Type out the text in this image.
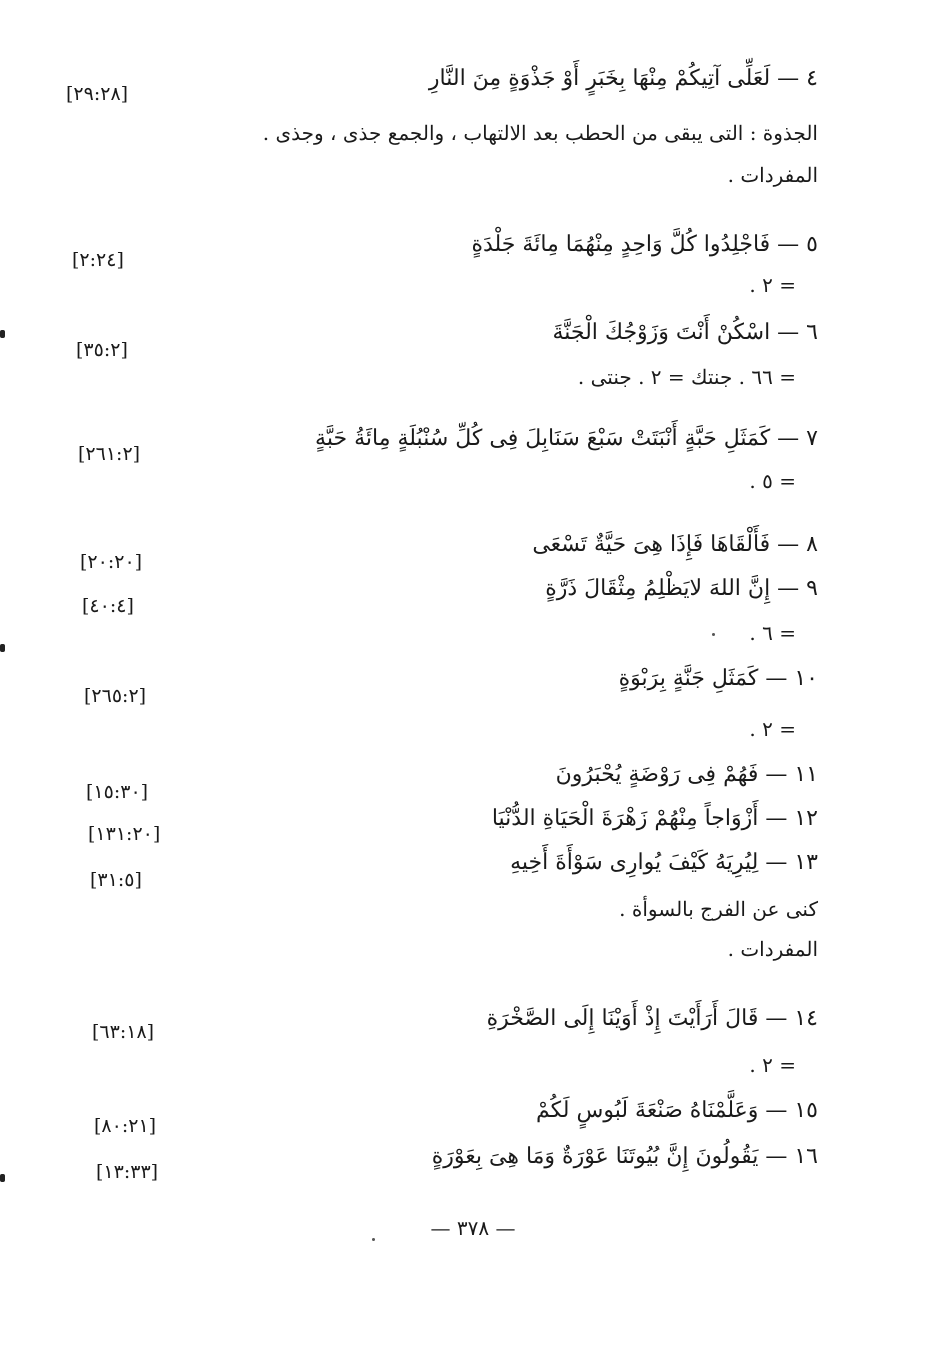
٤ — لَعَلِّى آتِيكُمْ مِنْهَا بِخَبَرٍ أَوْ جَذْوَةٍ مِنَ النَّارِ
[٢٩:٢٨]
الجذوة : التى يبقى من الحطب بعد الالتهاب ، والجمع جذى ، وجذى .
المفردات .
٥ — فَاجْلِدُوا كُلَّ وَاحِدٍ مِنْهُمَا مِائَةَ جَلْدَةٍ
[٢:٢٤]
= ٢ .
٦ — اسْكُنْ أَنْتَ وَزَوْجُكَ الْجَنَّةَ
[٣٥:٢]
= ٦٦ . جنتك = ٢ . جنتى .
٧ — كَمَثَلِ حَبَّةٍ أَنْبَتَتْ سَبْعَ سَنَابِلَ فِى كُلِّ سُنْبُلَةٍ مِائَةُ حَبَّةٍ
[٢٦١:٢]
= ٥ .
٨ — فَأَلْقَاهَا فَإِذَا هِىَ حَيَّةٌ تَسْعَى
[٢٠:٢٠]
٩ — إِنَّ اللهَ لايَظْلِمُ مِثْقَالَ ذَرَّةٍ
[٤٠:٤]
= ٦ .
١٠ — كَمَثَلِ جَنَّةٍ بِرَبْوَةٍ
[٢٦٥:٢]
= ٢ .
١١ — فَهُمْ فِى رَوْضَةٍ يُحْبَرُونَ
[١٥:٣٠]
١٢ — أَزْوَاجاً مِنْهُمْ زَهْرَةَ الْحَيَاةِ الدُّنْيَا
[١٣١:٢٠]
١٣ — لِيُرِيَهُ كَيْفَ يُوارِى سَوْأَةَ أَخِيهِ
[٣١:٥]
كنى عن الفرج بالسوأة .
المفردات .
١٤ — قَالَ أَرَأَيْتَ إِذْ أَوَيْنَا إِلَى الصَّخْرَةِ
[٦٣:١٨]
= ٢ .
١٥ — وَعَلَّمْنَاهُ صَنْعَةَ لَبُوسٍ لَكُمْ
[٨٠:٢١]
١٦ — يَقُولُونَ إِنَّ بُيُوتَنَا عَوْرَةٌ وَمَا هِىَ بِعَوْرَةٍ
[١٣:٣٣]
— ٣٧٨ —
